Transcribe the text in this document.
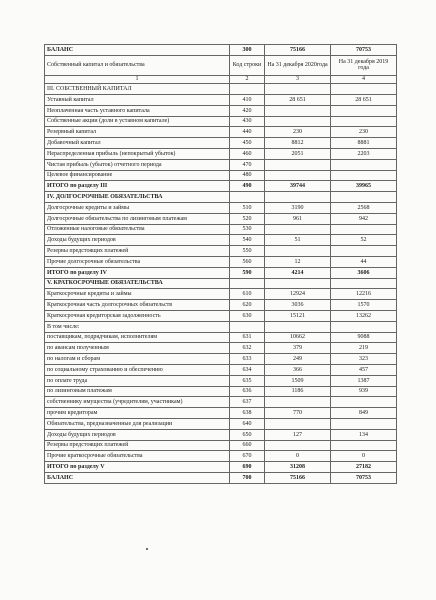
БАЛАНС	300	75166	70753
Собственный капитал и обязательства	Код строки	На 31 декабря 2020года	На 31 декабря 2019 года
1	2	3	4
III. СОБСТВЕННЫЙ КАПИТАЛ			
Уставный капитал	410	28 651	28 651
Неоплаченная часть уставного капитала	420		
Собственные акции (доли в уставном капитале)	430		
Резервный капитал	440	230	230
Добавочный капитал	450	8812	8881
Нераспределенная прибыль (непокрытый убыток)	460	2051	2203
Чистая прибыль (убыток) отчетного периода	470		
Целевое финансирование	480		
ИТОГО по разделу III	490	39744	39965
IV. ДОЛГОСРОЧНЫЕ ОБЯЗАТЕЛЬСТВА			
Долгосрочные кредиты и займы	510	3190	2568
Долгосрочные обязательства по лизинговым платежам	520	961	942
Отложенные налоговые обязательства	530		
Доходы будущих периодов	540	51	52
Резервы предстоящих платежей	550		
Прочие долгосрочные обязательства	560	12	44
ИТОГО по разделу IV	590	4214	3606
V. КРАТКОСРОЧНЫЕ ОБЯЗАТЕЛЬСТВА			
Краткосрочные кредиты и займы	610	12924	12216
Краткосрочная часть долгосрочных обязательств	620	3036	1570
Краткосрочная кредиторская задолженность	630	15121	13262
В том числе:			
поставщикам, подрядчикам, исполнителям	631	10662	9088
по авансам полученным	632	379	219
по налогам и сборам	633	249	323
по социальному страхованию и обеспечению	634	366	457
по оплате труда	635	1509	1387
по лизинговым платежам	636	1186	939
собственнику имущества (учредителям, участникам)	637		
прочим кредиторам	638	770	849
Обязательства, предназначенные для реализации	640		
Доходы будущих периодов	650	127	134
Резервы предстоящих платежей	660		
Прочие краткосрочные обязательства	670	0	0
ИТОГО по разделу V	690	31208	27182
БАЛАНС	700	75166	70753
